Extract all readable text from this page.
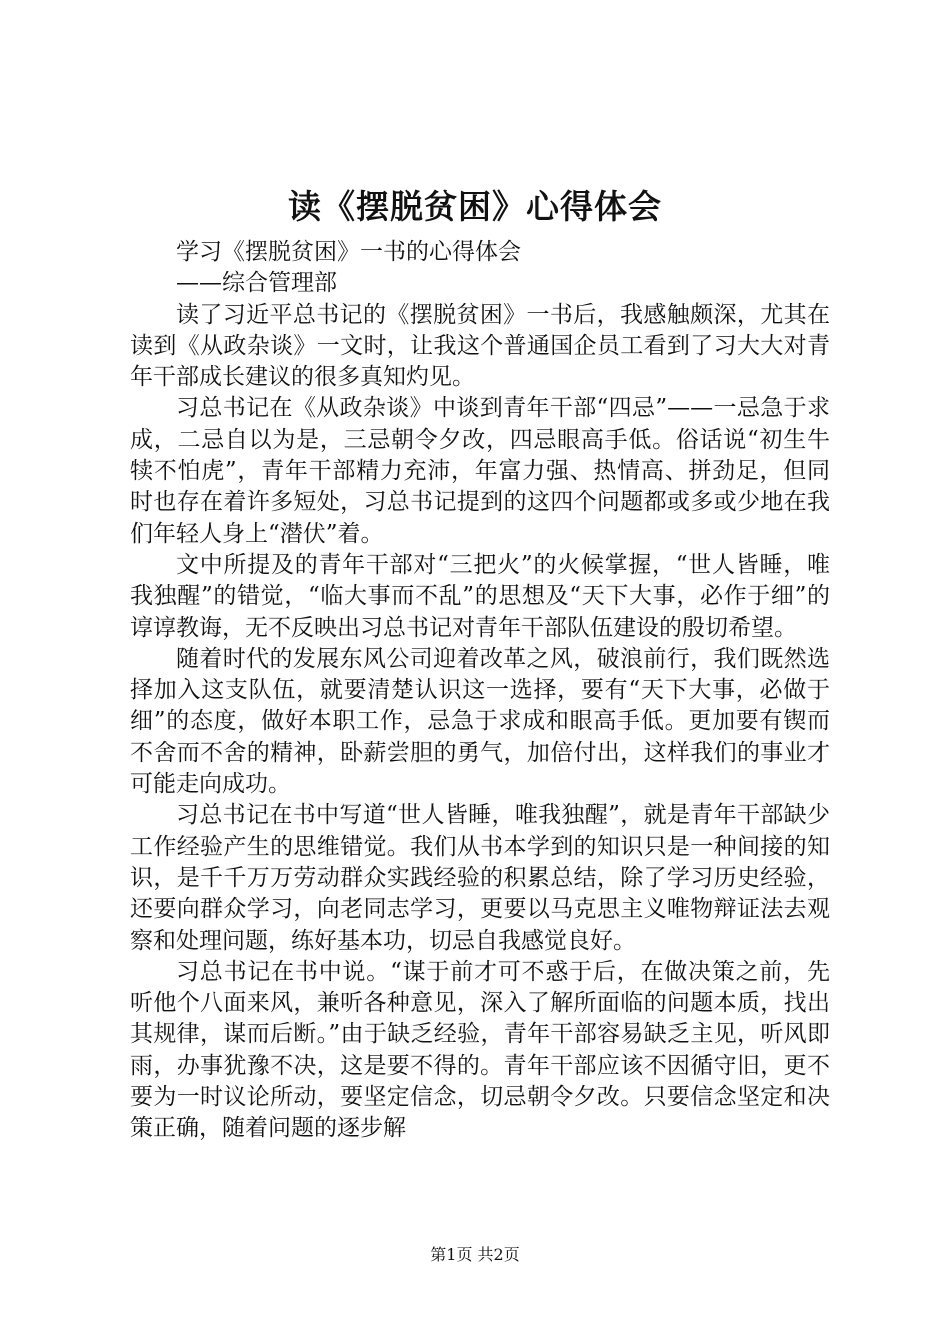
读《摆脱贫困》心得体会

学习《摆脱贫困》一书的心得体会

——综合管理部

读了习近平总书记的《摆脱贫困》一书后，我感触颇深，尤其在读到《从政杂谈》一文时，让我这个普通国企员工看到了习大大对青年干部成长建议的很多真知灼见。

习总书记在《从政杂谈》中谈到青年干部“四忌”——一忌急于求成，二忌自以为是，三忌朝令夕改，四忌眼高手低。俗话说“初生牛犊不怕虎”，青年干部精力充沛，年富力强、热情高、拼劲足，但同时也存在着许多短处，习总书记提到的这四个问题都或多或少地在我们年轻人身上“潜伏”着。

文中所提及的青年干部对“三把火”的火候掌握，“世人皆睡，唯我独醒”的错觉，“临大事而不乱”的思想及“天下大事，必作于细”的谆谆教诲，无不反映出习总书记对青年干部队伍建设的殷切希望。

随着时代的发展东风公司迎着改革之风，破浪前行，我们既然选择加入这支队伍，就要清楚认识这一选择，要有“天下大事，必做于细”的态度，做好本职工作，忌急于求成和眼高手低。更加要有锲而不舍而不舍的精神，卧薪尝胆的勇气，加倍付出，这样我们的事业才可能走向成功。

习总书记在书中写道“世人皆睡，唯我独醒”，就是青年干部缺少工作经验产生的思维错觉。我们从书本学到的知识只是一种间接的知识，是千千万万劳动群众实践经验的积累总结，除了学习历史经验，还要向群众学习，向老同志学习，更要以马克思主义唯物辩证法去观察和处理问题，练好基本功，切忌自我感觉良好。

习总书记在书中说。“谋于前才可不惑于后，在做决策之前，先听他个八面来风，兼听各种意见，深入了解所面临的问题本质，找出其规律，谋而后断。”由于缺乏经验，青年干部容易缺乏主见，听风即雨，办事犹豫不决，这是要不得的。青年干部应该不因循守旧，更不要为一时议论所动，要坚定信念，切忌朝令夕改。只要信念坚定和决策正确，随着问题的逐步解

第1页 共2页
